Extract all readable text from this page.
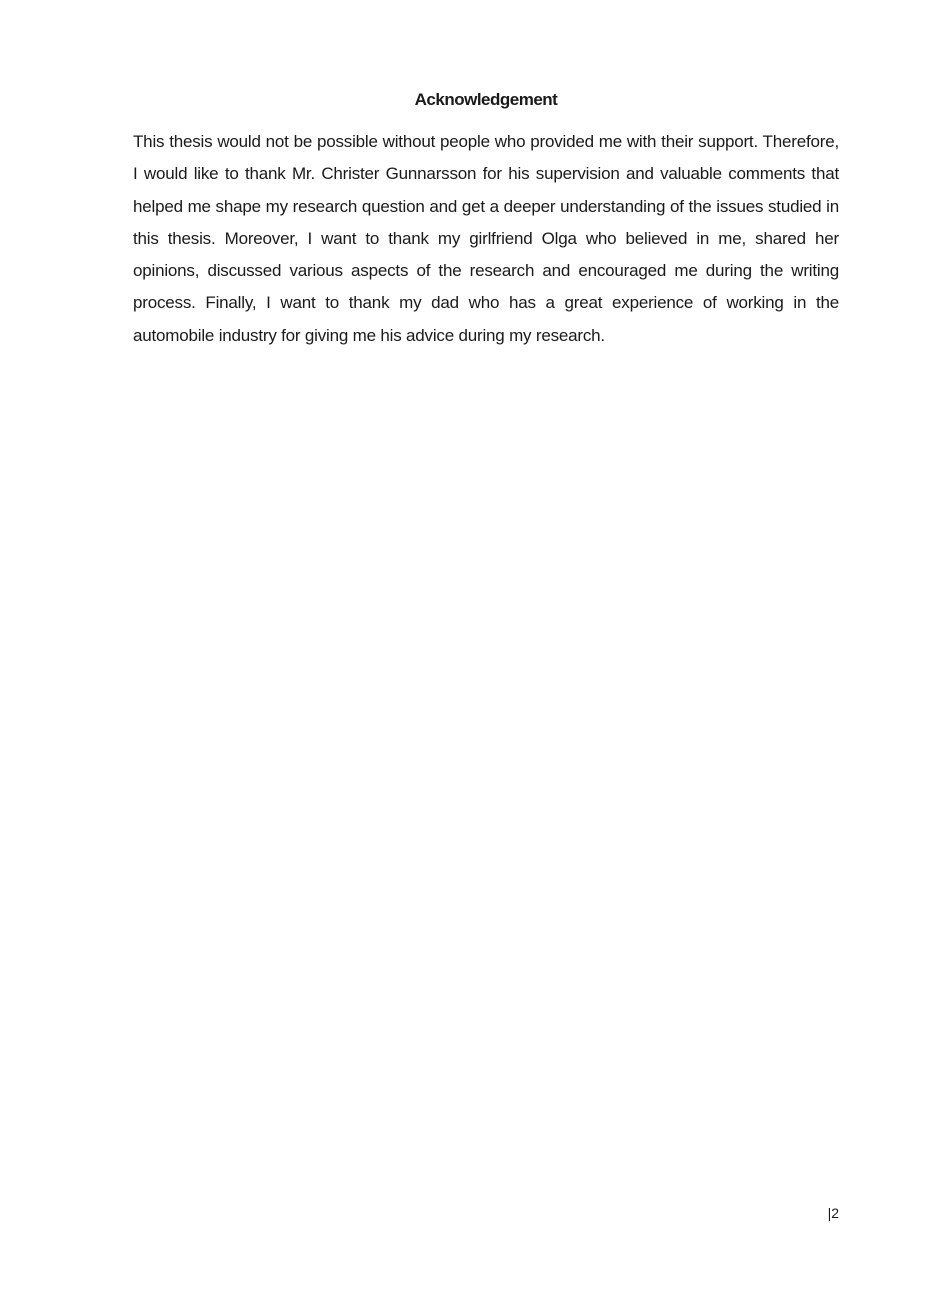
Acknowledgement

This thesis would not be possible without people who provided me with their support. Therefore, I would like to thank Mr. Christer Gunnarsson for his supervision and valuable comments that helped me shape my research question and get a deeper understanding of the issues studied in this thesis. Moreover, I want to thank my girlfriend Olga who believed in me, shared her opinions, discussed various aspects of the research and encouraged me during the writing process. Finally, I want to thank my dad who has a great experience of working in the automobile industry for giving me his advice during my research.

|2
